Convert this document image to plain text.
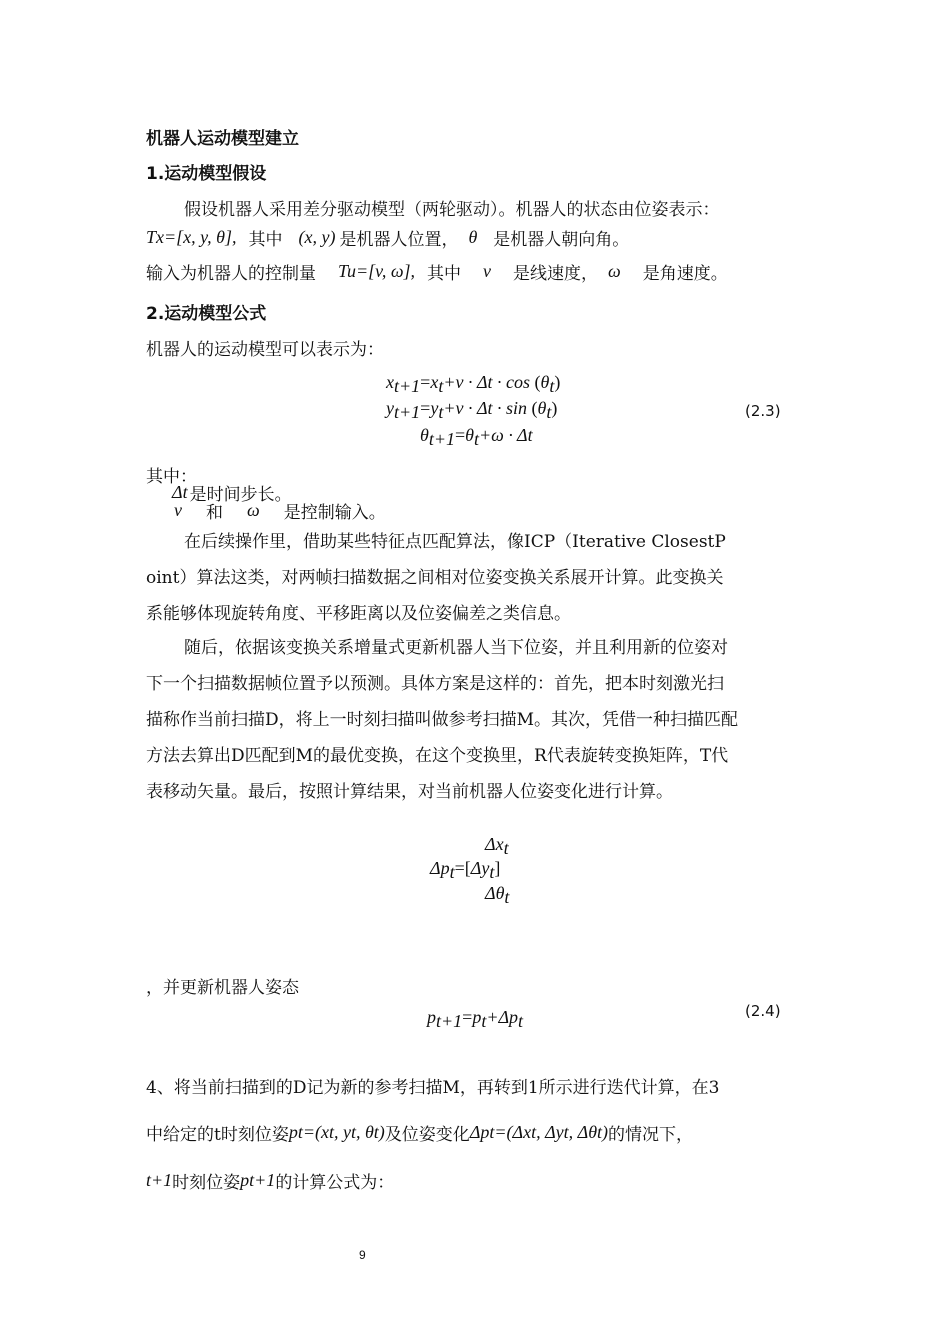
机器人运动模型建立
1.运动模型假设
假设机器人采用差分驱动模型（两轮驱动）。机器人的状态由位姿表示：
Tx=[x, y, θ], 其中 (x, y) 是机器人位置， θ 是机器人朝向角。
输入为机器人的控制量 Tu=[v, ω], 其中 v 是线速度， ω 是角速度。
2.运动模型公式
机器人的运动模型可以表示为：
$x_{t+1}=x_t+v \cdot \Delta t \cdot \cos (\theta_t)$
$y_{t+1}=y_t+v \cdot \Delta t \cdot \sin (\theta_t)$
$\theta_{t+1}=\theta_t+\omega \cdot \Delta t$
(2.3)
其中：
Δt 是时间步长。
v 和 ω 是控制输入。
在后续操作里，借助某些特征点匹配算法，像ICP（Iterative ClosestP
oint）算法这类，对两帧扫描数据之间相对位姿变换关系展开计算。此变换关
系能够体现旋转角度、平移距离以及位姿偏差之类信息。
随后，依据该变换关系增量式更新机器人当下位姿，并且利用新的位姿对
下一个扫描数据帧位置予以预测。具体方案是这样的：首先，把本时刻激光扫
描称作当前扫描D，将上一时刻扫描叫做参考扫描M。其次，凭借一种扫描匹配
方法去算出D匹配到M的最优变换，在这个变换里，R代表旋转变换矩阵，T代
表移动矢量。最后，按照计算结果，对当前机器人位姿变化进行计算。
$\Delta x_t$
$\Delta p_t=[\Delta y_t]$
$\Delta\theta_t$
，并更新机器人姿态
$p_{t+1}=p_t+\Delta p_t$	(2.4)
4、将当前扫描到的D记为新的参考扫描M，再转到1所示进行迭代计算，在3
中给定的t时刻位姿 pt=(xt, yt, θt) 及位姿变化 Δpt=(Δxt, Δyt, Δθt) 的情况下，
t+1 时刻位姿 pt+1 的计算公式为：
9
